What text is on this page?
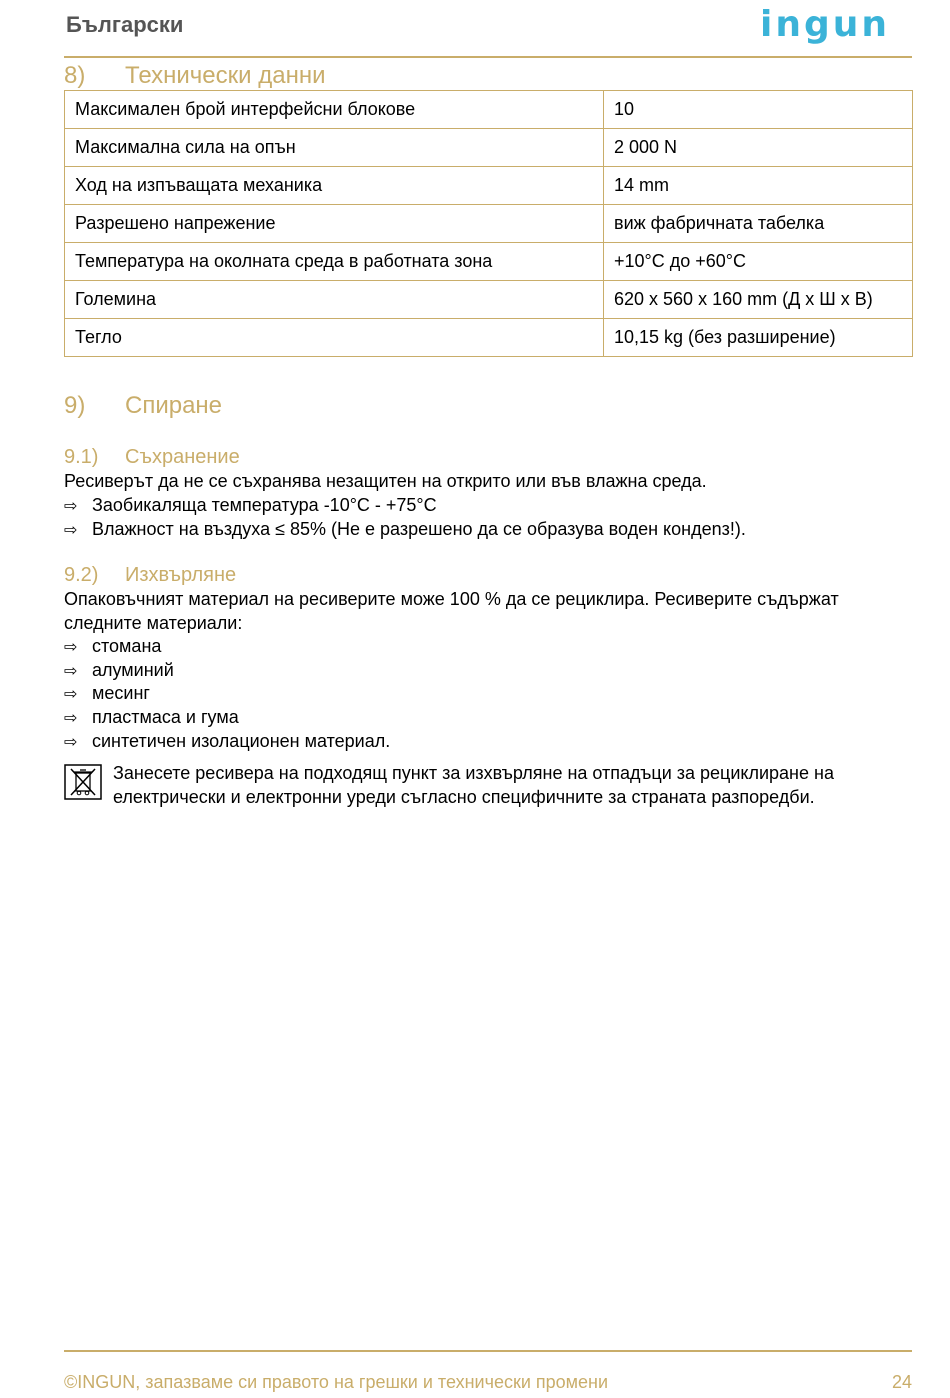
Български	ingun
8) Технически данни
Максимален брой интерфейсни блокове	10
Максимална сила на опън	2 000 N
Ход на изпъващата механика	14 mm
Разрешено напрежение	виж фабричната табелка
Температура на околната среда в работната зона	+10°C до +60°C
Големина	620 x 560 x 160 mm (Д x Ш x В)
Тегло	10,15 kg (без разширение)
9) Спиране
9.1) Съхранение
Ресиверът да не се съхранява незащитен на открито или във влажна среда.
⇨ Заобикаляща температура -10°C - +75°C
⇨ Влажност на въздуха ≤ 85% (Не е разрешено да се образува воден кондenз!).
9.2) Изхвърляне
Опаковъчният материал на ресиверите може 100 % да се рециклира. Ресиверите съдържат
следните материали:
⇨ стомана
⇨ алуминий
⇨ месинг
⇨ пластмаса и гума
⇨ синтетичен изолационен материал.
Занесете ресивера на подходящ пункт за изхвърляне на отпадъци за рециклиране на
електрически и електронни уреди съгласно специфичните за страната разпоредби.
©INGUN, запазваме си правото на грешки и технически промени	24
